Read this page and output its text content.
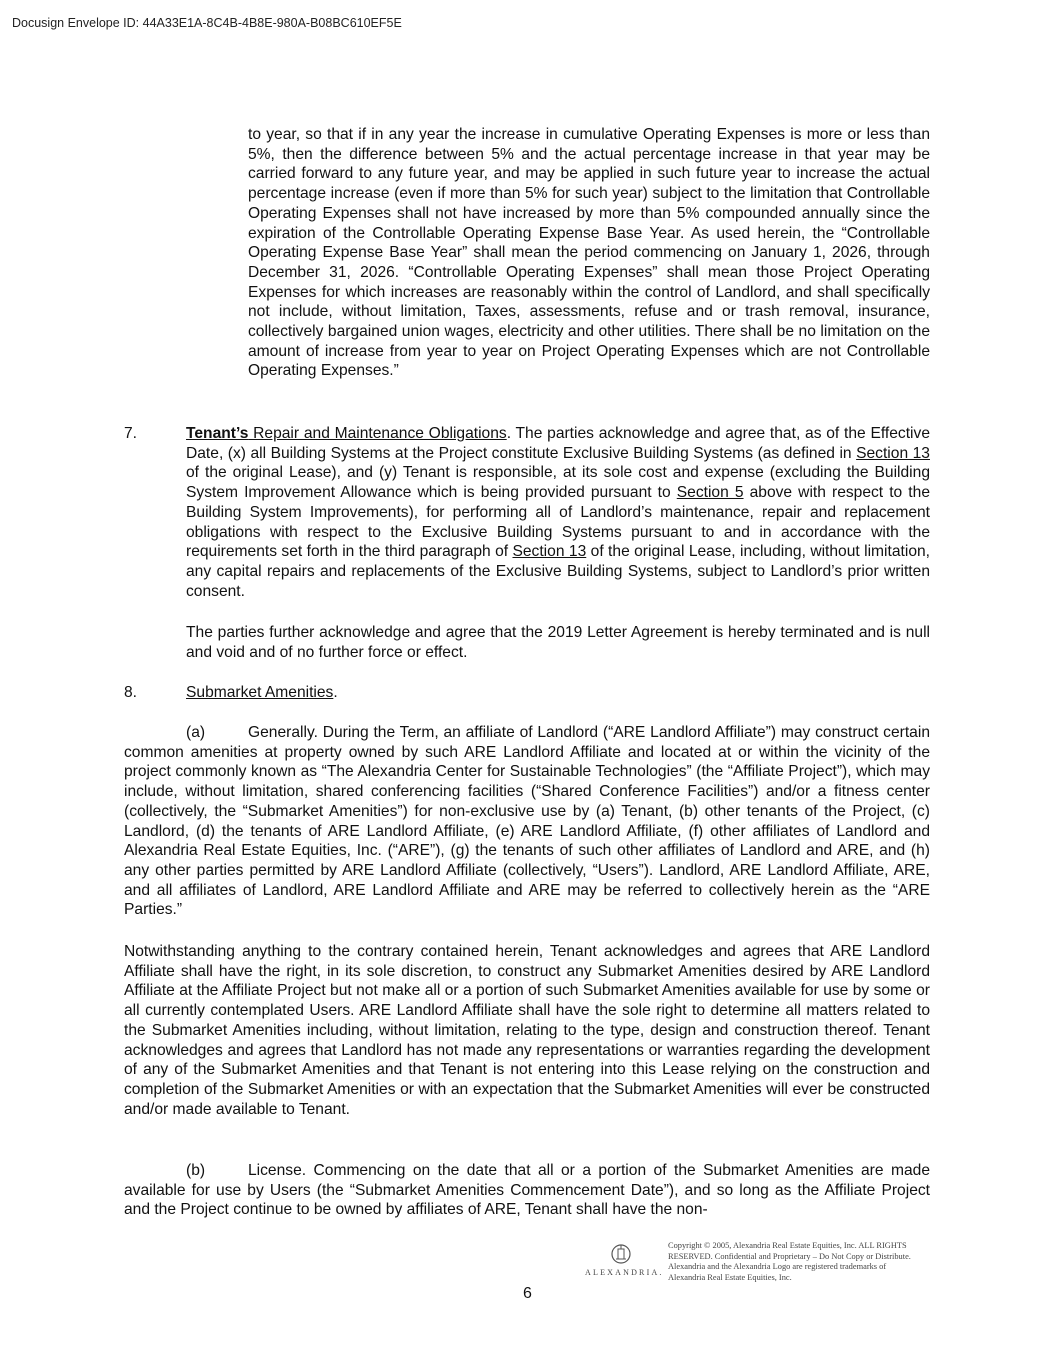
Docusign Envelope ID: 44A33E1A-8C4B-4B8E-980A-B08BC610EF5E

to year, so that if in any year the increase in cumulative Operating Expenses is more or less than 5%, then the difference between 5% and the actual percentage increase in that year may be carried forward to any future year, and may be applied in such future year to increase the actual percentage increase (even if more than 5% for such year) subject to the limitation that Controllable Operating Expenses shall not have increased by more than 5% compounded annually since the expiration of the Controllable Operating Expense Base Year. As used herein, the “Controllable Operating Expense Base Year” shall mean the period commencing on January 1, 2026, through December 31, 2026. “Controllable Operating Expenses” shall mean those Project Operating Expenses for which increases are reasonably within the control of Landlord, and shall specifically not include, without limitation, Taxes, assessments, refuse and or trash removal, insurance, collectively bargained union wages, electricity and other utilities. There shall be no limitation on the amount of increase from year to year on Project Operating Expenses which are not Controllable Operating Expenses.”

7.	Tenant’s Repair and Maintenance Obligations. The parties acknowledge and agree that, as of the Effective Date, (x) all Building Systems at the Project constitute Exclusive Building Systems (as defined in Section 13 of the original Lease), and (y) Tenant is responsible, at its sole cost and expense (excluding the Building System Improvement Allowance which is being provided pursuant to Section 5 above with respect to the Building System Improvements), for performing all of Landlord’s maintenance, repair and replacement obligations with respect to the Exclusive Building Systems pursuant to and in accordance with the requirements set forth in the third paragraph of Section 13 of the original Lease, including, without limitation, any capital repairs and replacements of the Exclusive Building Systems, subject to Landlord’s prior written consent.

The parties further acknowledge and agree that the 2019 Letter Agreement is hereby terminated and is null and void and of no further force or effect.

8.	Submarket Amenities.

(a)	Generally. During the Term, an affiliate of Landlord (“ARE Landlord Affiliate”) may construct certain common amenities at property owned by such ARE Landlord Affiliate and located at or within the vicinity of the project commonly known as “The Alexandria Center for Sustainable Technologies” (the “Affiliate Project”), which may include, without limitation, shared conferencing facilities (“Shared Conference Facilities”) and/or a fitness center (collectively, the “Submarket Amenities”) for non-exclusive use by (a) Tenant, (b) other tenants of the Project, (c) Landlord, (d) the tenants of ARE Landlord Affiliate, (e) ARE Landlord Affiliate, (f) other affiliates of Landlord and Alexandria Real Estate Equities, Inc. (“ARE”), (g) the tenants of such other affiliates of Landlord and ARE, and (h) any other parties permitted by ARE Landlord Affiliate (collectively, “Users”). Landlord, ARE Landlord Affiliate, ARE, and all affiliates of Landlord, ARE Landlord Affiliate and ARE may be referred to collectively herein as the “ARE Parties.”

Notwithstanding anything to the contrary contained herein, Tenant acknowledges and agrees that ARE Landlord Affiliate shall have the right, in its sole discretion, to construct any Submarket Amenities desired by ARE Landlord Affiliate at the Affiliate Project but not make all or a portion of such Submarket Amenities available for use by some or all currently contemplated Users. ARE Landlord Affiliate shall have the sole right to determine all matters related to the Submarket Amenities including, without limitation, relating to the type, design and construction thereof. Tenant acknowledges and agrees that Landlord has not made any representations or warranties regarding the development of any of the Submarket Amenities and that Tenant is not entering into this Lease relying on the construction and completion of the Submarket Amenities or with an expectation that the Submarket Amenities will ever be constructed and/or made available to Tenant.

(b)	License. Commencing on the date that all or a portion of the Submarket Amenities are made available for use by Users (the “Submarket Amenities Commencement Date”), and so long as the Affiliate Project and the Project continue to be owned by affiliates of ARE, Tenant shall have the non-

ALEXANDRIA.
Copyright © 2005, Alexandria Real Estate Equities, Inc. ALL RIGHTS RESERVED. Confidential and Proprietary – Do Not Copy or Distribute. Alexandria and the Alexandria Logo are registered trademarks of Alexandria Real Estate Equities, Inc.
6
